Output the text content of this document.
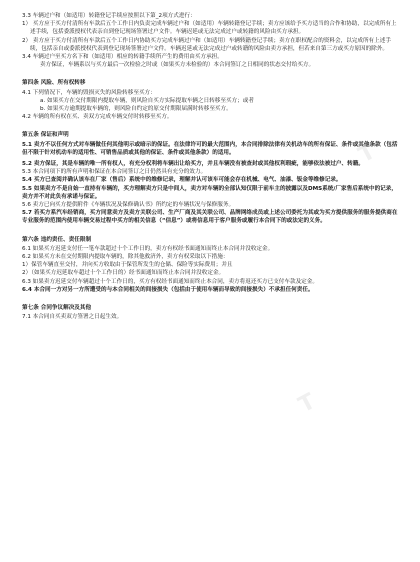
T
T
T

3.3 车辆过户和（如适用）转籍登记手续应按照以下第_2项方式进行：

1） 买方应于买方付清所有车款后五个工作日内负责完成车辆过户和（如适用）车辆转籍登记手续；卖方应该给予买方适当的合作和协助，以完成所有上述手续，包括委派授权代表亲自到登记现场签署过户文件。车辆迟延或无法完成过户或转籍的风险由买方承担。

2） 卖方应于买方付清所有车款后五个工作日内协助买方完成车辆过户和（如适用）车辆转籍登记手续；卖方在职权配合的资料会，以完成所有上述手续，包括亲自或委派授权代表到登记现场签署过户文件。车辆迟延或无法完成过户或转籍的风险由卖方承担，但若来自第三方或买方原因的除外。

3.4 车辆过户至买方名下和（如适用）相应的转籍手续所产生的费用由买方承担。

卖方保证，车辆系以与买方最后一次检验之时或（如果买方未检验的）本合同签订之日相同的状态交付给买方。

第四条 风险、所有权转移

4.1 下列情况下，车辆的毁损灭失的风险转移至买方：

a. 如果买方在交付期限内提取车辆，则风险自买方实际提取车辆之日转移至买方；或者

b. 如果买方逾期提取车辆的，则风险自约定的原交付期限届满时转移至买方。

4.2 车辆的所有权在买、卖双方完成车辆交付时转移至买方。

第五条 保证和声明

5.1 卖方不以任何方式对车辆做任何其他明示或暗示的保证。在法律许可的最大范围内，本合同排除法律有关机动车的所有保证、条件或其他条款（包括但不限于针对机动车的适用性、可销售品质或其他的保证、条件或其他条款）的适用。

5.2 卖方保证，其是车辆的唯一所有权人，有充分权利将车辆出让给买方，并且车辆没有被查封或其他权利瑕疵，能够依法被过户、转籍。

5.3 本合同项下的所有声明和保证在本合同签订之日仍然具有充分的效力。

5.4 买方已查阅并确认该车在厂家（售后）系统中的维修记录，理解并认可该车可能会存在机械、电气、油漆、钣金等维修记录。

5.5 如果卖方不是自始一直持有车辆的，买方理解卖方只是中间人，卖方对车辆的全部认知仅限于前车主的披露以及DMS系统/厂家售后系统中的记录，卖方并不对此负有承诺与保证。

5.6 卖方已向买方提供附件《车辆状况及保修确认书》所约定的车辆状况与保修服务。

5.7 若买方系汽车经销商，买方同意卖方及卖方关联公司、生产厂商及其关联公司、品牌网络成员或上述公司委托为其或为买方提供服务的服务提供商在专业服务的范围内使用车辆交易过程中买方的相关信息（“信息”）或将信息用于客户服务或履行本合同下的或法定的义务。

第六条 违约责任、责任限制

6.1 如果买方迟延支付任一笔车款超过十个工作日的，卖方有权经书面通知而终止本合同并没收定金。

6.2 如果买方未在交付期限内提取车辆的，除其他救济外，卖方有权采取以下措施：

1）保管车辆直至交付，并向买方收取由于保管所发生的仓储、保险等实际费用；并且

2）（如果买方迟延取车超过十个工作日的）经书面通知而终止本合同并没收定金。

6.3 如果卖方迟延交付车辆超过十个工作日的，买方有权经书面通知而终止本合同，卖方将返还买方已支付车款及定金。

6.4 本合同一方对另一方所遭受的与本合同相关的间接损失（包括由于使用车辆而导致的间接损失）不承担任何责任。

第七条 合同争议解决及其他

7.1 本合同自买卖双方签署之日起生效。
